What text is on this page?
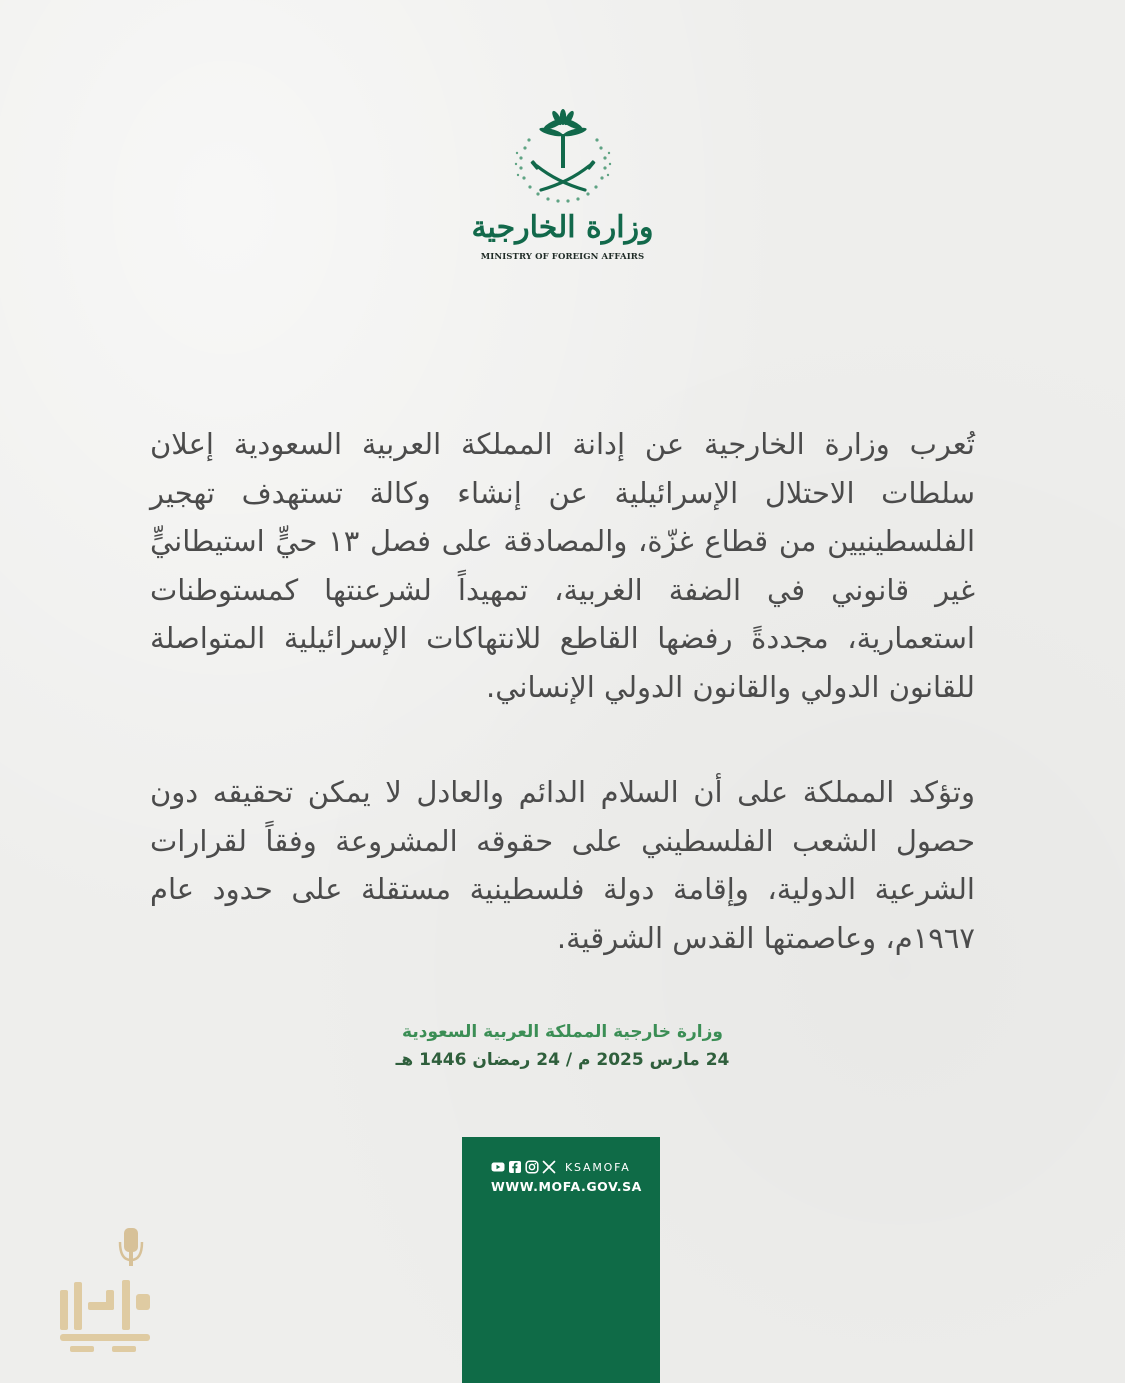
وزارة الخارجية
MINISTRY OF FOREIGN AFFAIRS
تُعرب وزارة الخارجية عن إدانة المملكة العربية السعودية إعلان سلطات الاحتلال الإسرائيلية عن إنشاء وكالة تستهدف تهجير الفلسطينيين من قطاع غزّة، والمصادقة على فصل ١٣ حيٍّ استيطانيٍّ غير قانوني في الضفة الغربية، تمهيداً لشرعنتها كمستوطنات استعمارية، مجددةً رفضها القاطع للانتهاكات الإسرائيلية المتواصلة للقانون الدولي والقانون الدولي الإنساني.
وتؤكد المملكة على أن السلام الدائم والعادل لا يمكن تحقيقه دون حصول الشعب الفلسطيني على حقوقه المشروعة وفقاً لقرارات الشرعية الدولية، وإقامة دولة فلسطينية مستقلة على حدود عام ١٩٦٧م، وعاصمتها القدس الشرقية.
وزارة خارجية المملكة العربية السعودية
24 مارس 2025 م / 24 رمضان 1446 هـ
KSAMOFA
WWW.MOFA.GOV.SA
